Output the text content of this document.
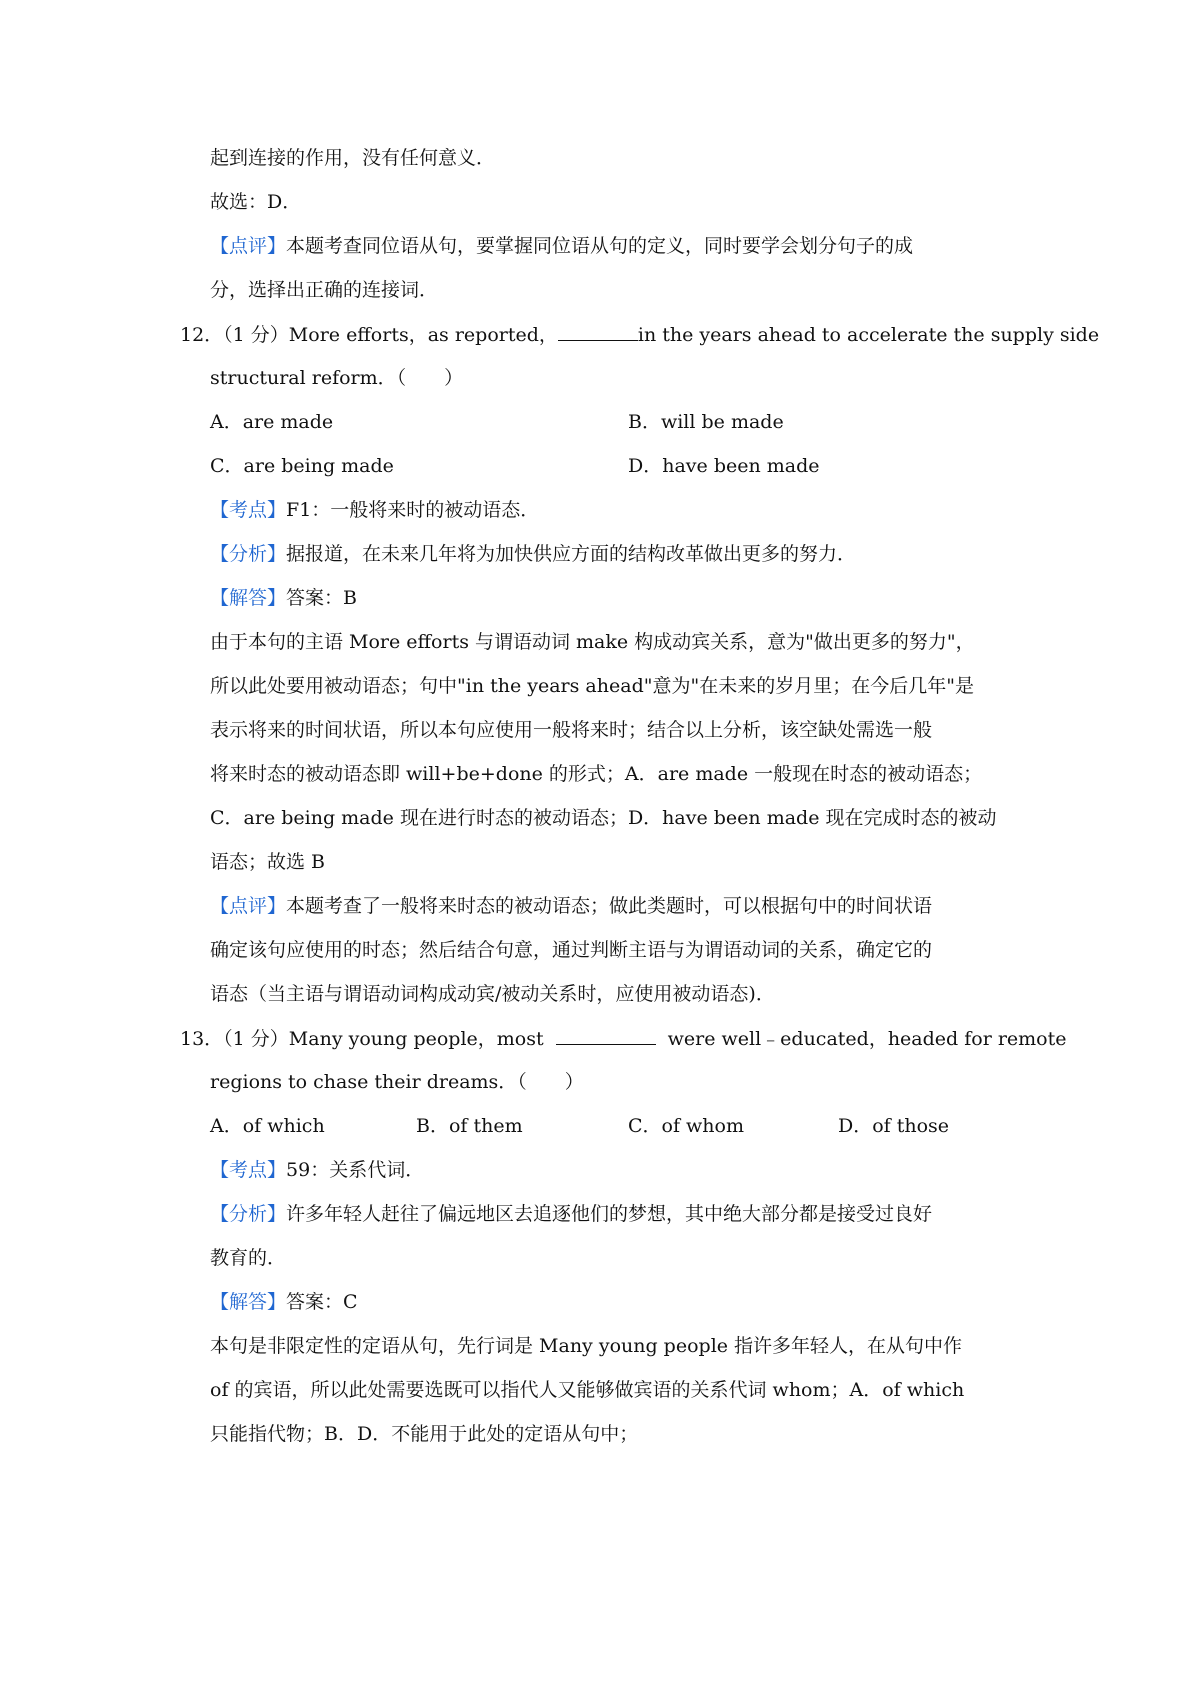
起到连接的作用，没有任何意义．
故选：D．
【点评】本题考查同位语从句，要掌握同位语从句的定义，同时要学会划分句子的成
分，选择出正确的连接词．
12．（1 分）More efforts，as reported，	in the years ahead to accelerate the supply side
structural reform．（　　）
A．are made	B．will be made
C．are being made	D．have been made
【考点】F1：一般将来时的被动语态．
【分析】据报道，在未来几年将为加快供应方面的结构改革做出更多的努力．
【解答】答案：B
由于本句的主语 More efforts 与谓语动词 make 构成动宾关系，意为"做出更多的努力"，
所以此处要用被动语态；句中"in the years ahead"意为"在未来的岁月里；在今后几年"是
表示将来的时间状语，所以本句应使用一般将来时；结合以上分析，该空缺处需选一般
将来时态的被动语态即 will+be+done 的形式；A．are made 一般现在时态的被动语态；
C．are being made 现在进行时态的被动语态；D．have been made 现在完成时态的被动
语态；故选 B
【点评】本题考查了一般将来时态的被动语态；做此类题时，可以根据句中的时间状语
确定该句应使用的时态；然后结合句意，通过判断主语与为谓语动词的关系，确定它的
语态（当主语与谓语动词构成动宾/被动关系时，应使用被动语态)．
13．（1 分）Many young people，most	were well﹣educated，headed for remote
regions to chase their dreams．（　　）
A．of which	B．of them	C．of whom	D．of those
【考点】59：关系代词．
【分析】许多年轻人赶往了偏远地区去追逐他们的梦想，其中绝大部分都是接受过良好
教育的．
【解答】答案：C
本句是非限定性的定语从句，先行词是 Many young people 指许多年轻人，在从句中作
of 的宾语，所以此处需要选既可以指代人又能够做宾语的关系代词 whom；A．of which
只能指代物；B．D．不能用于此处的定语从句中；
